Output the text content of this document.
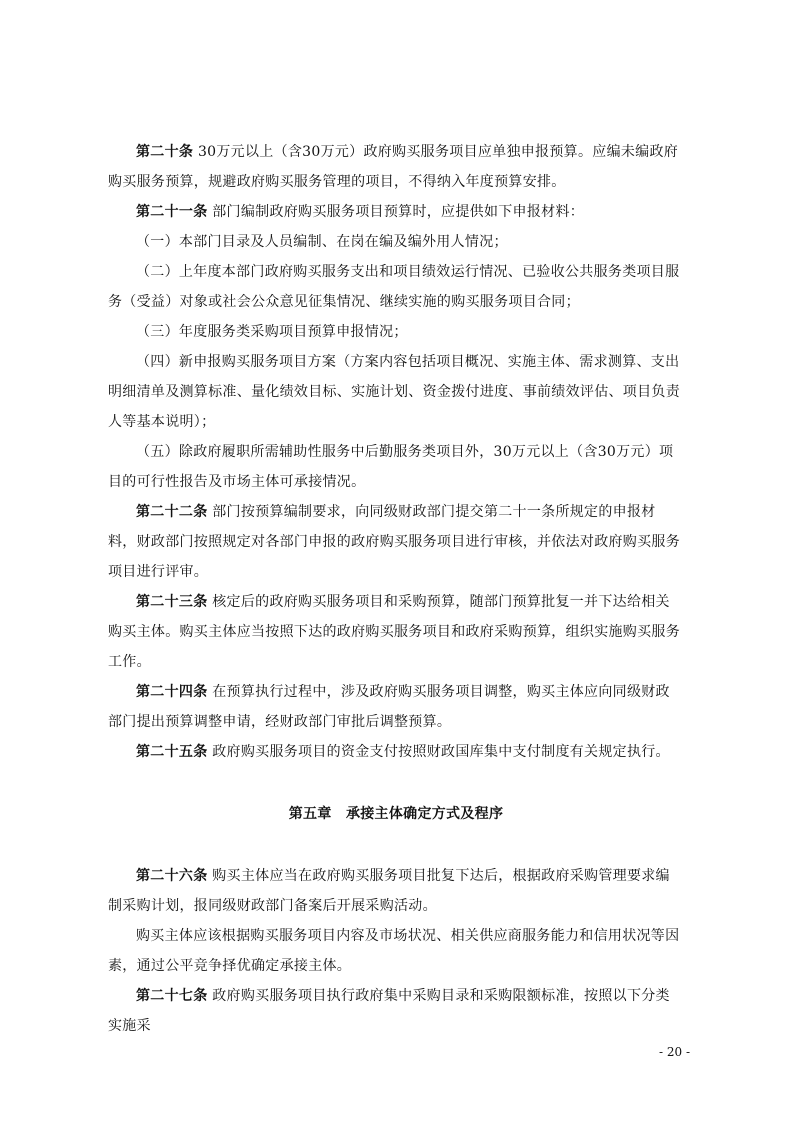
第二十条 30万元以上（含30万元）政府购买服务项目应单独申报预算。应编未编政府购买服务预算，规避政府购买服务管理的项目，不得纳入年度预算安排。

第二十一条 部门编制政府购买服务项目预算时，应提供如下申报材料：

（一）本部门目录及人员编制、在岗在编及编外用人情况；

（二）上年度本部门政府购买服务支出和项目绩效运行情况、已验收公共服务类项目服务（受益）对象或社会公众意见征集情况、继续实施的购买服务项目合同；

（三）年度服务类采购项目预算申报情况；

（四）新申报购买服务项目方案（方案内容包括项目概况、实施主体、需求测算、支出明细清单及测算标准、量化绩效目标、实施计划、资金拨付进度、事前绩效评估、项目负责人等基本说明）；

（五）除政府履职所需辅助性服务中后勤服务类项目外，30万元以上（含30万元）项目的可行性报告及市场主体可承接情况。

第二十二条 部门按预算编制要求，向同级财政部门提交第二十一条所规定的申报材料，财政部门按照规定对各部门申报的政府购买服务项目进行审核，并依法对政府购买服务项目进行评审。

第二十三条 核定后的政府购买服务项目和采购预算，随部门预算批复一并下达给相关购买主体。购买主体应当按照下达的政府购买服务项目和政府采购预算，组织实施购买服务工作。

第二十四条 在预算执行过程中，涉及政府购买服务项目调整，购买主体应向同级财政部门提出预算调整申请，经财政部门审批后调整预算。

第二十五条 政府购买服务项目的资金支付按照财政国库集中支付制度有关规定执行。

第五章　承接主体确定方式及程序

第二十六条 购买主体应当在政府购买服务项目批复下达后，根据政府采购管理要求编制采购计划，报同级财政部门备案后开展采购活动。

购买主体应该根据购买服务项目内容及市场状况、相关供应商服务能力和信用状况等因素，通过公平竞争择优确定承接主体。

第二十七条 政府购买服务项目执行政府集中采购目录和采购限额标准，按照以下分类实施采

- 20 -
